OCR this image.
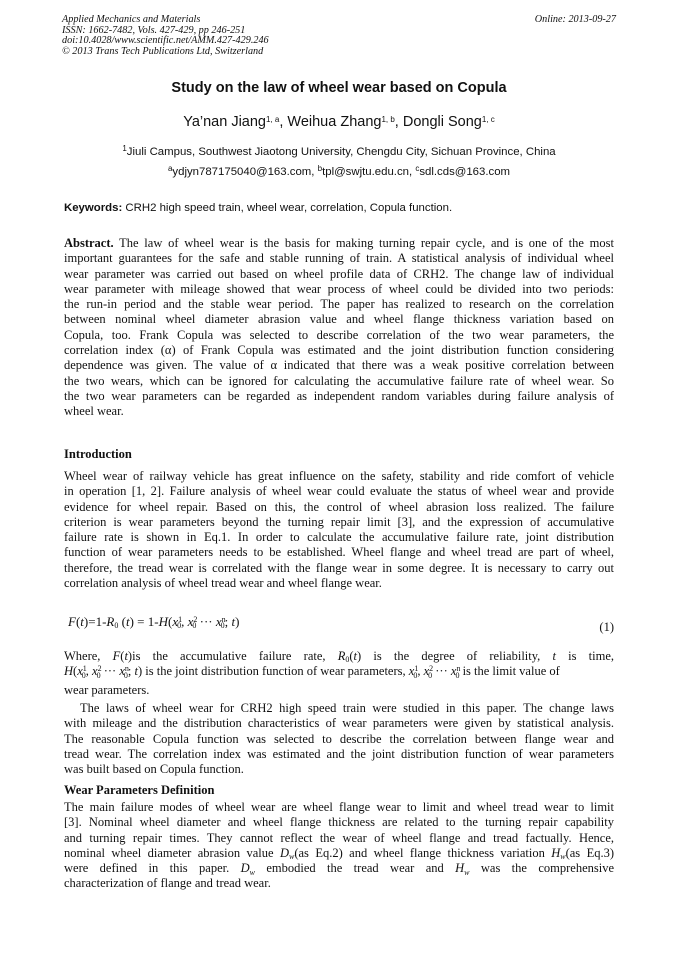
Applied Mechanics and Materials
ISSN: 1662-7482, Vols. 427-429, pp 246-251
doi:10.4028/www.scientific.net/AMM.427-429.246
© 2013 Trans Tech Publications Ltd, Switzerland
Online: 2013-09-27
Study on the law of wheel wear based on Copula
Ya’nan Jiang$^{1, a}$, Weihua Zhang$^{1, b}$, Dongli Song$^{1, c}$
$^1$Jiuli Campus, Southwest Jiaotong University, Chengdu City, Sichuan Province, China
$^a$ydjyn787175040@163.com, $^b$tpl@swjtu.edu.cn, $^c$sdl.cds@163.com
Keywords: CRH2 high speed train, wheel wear, correlation, Copula function.
Abstract. The law of wheel wear is the basis for making turning repair cycle, and is one of the most
important guarantees for the safe and stable running of train. A statistical analysis of individual wheel
wear parameter was carried out based on wheel profile data of CRH2. The change law of individual
wear parameter with mileage showed that wear process of wheel could be divided into two periods:
the run-in period and the stable wear period. The paper has realized to research on the correlation
between nominal wheel diameter abrasion value and wheel flange thickness variation based on
Copula, too. Frank Copula was selected to describe correlation of the two wear parameters, the
correlation index (α) of Frank Copula was estimated and the joint distribution function considering
dependence was given. The value of α indicated that there was a weak positive correlation between
the two wears, which can be ignored for calculating the accumulative failure rate of wheel wear. So
the two wear parameters can be regarded as independent random variables during failure analysis of
wheel wear.
Introduction
Wheel wear of railway vehicle has great influence on the safety, stability and ride comfort of vehicle
in operation [1, 2]. Failure analysis of wheel wear could evaluate the status of wheel wear and provide
evidence for wheel repair. Based on this, the control of wheel abrasion loss realized. The failure
criterion is wear parameters beyond the turning repair limit [3], and the expression of accumulative
failure rate is shown in Eq.1. In order to calculate the accumulative failure rate, joint distribution
function of wear parameters needs to be established. Wheel flange and wheel tread are part of wheel,
therefore, the tread wear is correlated with the flange wear in some degree. It is necessary to carry out
correlation analysis of wheel tread wear and wheel flange wear.
F(t)=1-R0 $(t) = 1-H(x^10$, $x^20$ ··· $x^n0$; t)	(1)
Where, F(t)is the accumulative failure rate, R0(t) is the degree of reliability, t is time,
$H(x^10$, $x^20$ ··· $x^n0$; t) is the joint distribution function of wear parameters, $x^10$, $x^20$ ··· $x^n0$ is the limit value of
wear parameters.
The laws of wheel wear for CRH2 high speed train were studied in this paper. The change laws
with mileage and the distribution characteristics of wear parameters were given by statistical analysis.
The reasonable Copula function was selected to describe the correlation between flange wear and
tread wear. The correlation index was estimated and the joint distribution function of wear parameters
was built based on Copula function.
Wear Parameters Definition
The main failure modes of wheel wear are wheel flange wear to limit and wheel tread wear to limit
[3]. Nominal wheel diameter and wheel flange thickness are related to the turning repair capability
and turning repair times. They cannot reflect the wear of wheel flange and tread factually. Hence,
nominal wheel diameter abrasion value Dw(as Eq.2) and wheel flange thickness variation Hw(as Eq.3)
were defined in this paper. Dw embodied the tread wear and Hw was the comprehensive
characterization of flange and tread wear.
